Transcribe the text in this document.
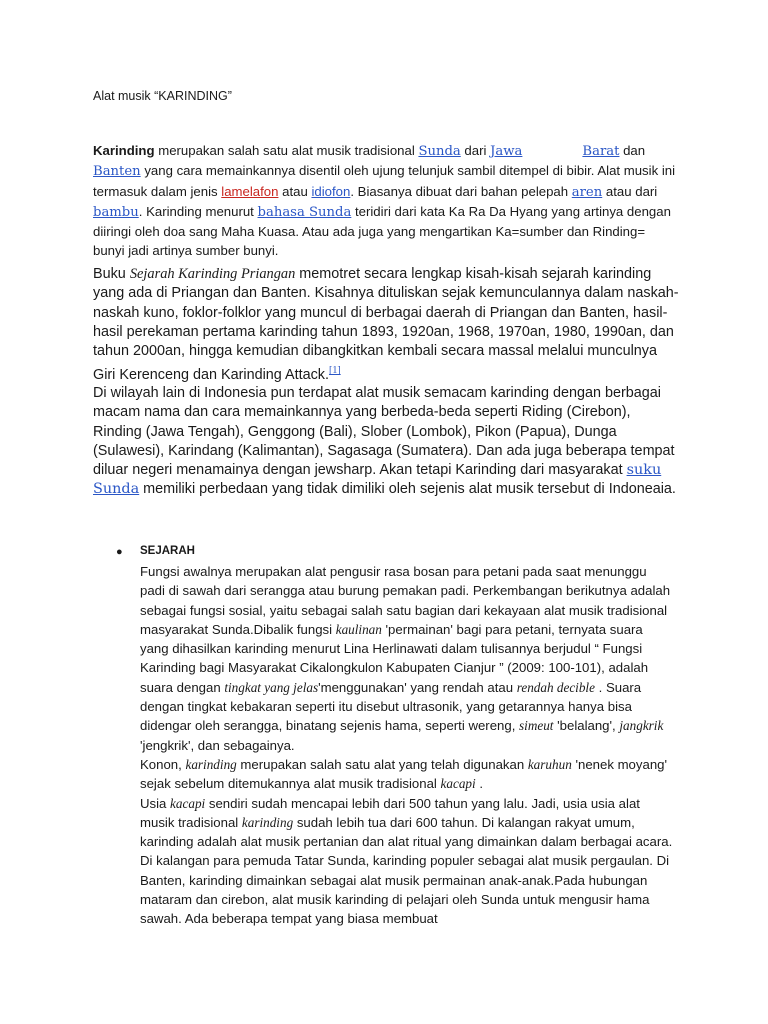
Alat musik “KARINDING”

Karinding merupakan salah satu alat musik tradisional Sunda dari Jawa	Barat dan Banten yang cara memainkannya disentil oleh ujung telunjuk sambil ditempel di bibir. Alat musik ini termasuk dalam jenis lamelafon atau idiofon. Biasanya dibuat dari bahan pelepah aren atau dari bambu. Karinding menurut bahasa Sunda teridiri dari kata Ka Ra Da Hyang yang artinya dengan diiringi oleh doa sang Maha Kuasa. Atau ada juga yang mengartikan Ka=sumber dan Rinding= bunyi jadi artinya sumber bunyi.

Buku Sejarah Karinding Priangan memotret secara lengkap kisah-kisah sejarah karinding yang ada di Priangan dan Banten. Kisahnya dituliskan sejak kemunculannya dalam naskah-naskah kuno, foklor-folklor yang muncul di berbagai daerah di Priangan dan Banten, hasil-hasil perekaman pertama karinding tahun 1893, 1920an, 1968, 1970an, 1980, 1990an, dan tahun 2000an, hingga kemudian dibangkitkan kembali secara massal melalui munculnya Giri Kerenceng dan Karinding Attack.[1]

Di wilayah lain di Indonesia pun terdapat alat musik semacam karinding dengan berbagai macam nama dan cara memainkannya yang berbeda-beda seperti Riding (Cirebon), Rinding (Jawa Tengah), Genggong (Bali), Slober (Lombok), Pikon (Papua), Dunga (Sulawesi), Karindang (Kalimantan), Sagasaga (Sumatera). Dan ada juga beberapa tempat diluar negeri menamainya dengan jewsharp. Akan tetapi Karinding dari masyarakat suku Sunda memiliki perbedaan yang tidak dimiliki oleh sejenis alat musik tersebut di Indoneaia.

● SEJARAH
Fungsi awalnya merupakan alat pengusir rasa bosan para petani pada saat menunggu padi di sawah dari serangga atau burung pemakan padi. Perkembangan berikutnya adalah sebagai fungsi sosial, yaitu sebagai salah satu bagian dari kekayaan alat musik tradisional masyarakat Sunda.Dibalik fungsi kaulinan 'permainan' bagi para petani, ternyata suara yang dihasilkan karinding menurut Lina Herlinawati dalam tulisannya berjudul “ Fungsi Karinding bagi Masyarakat Cikalongkulon Kabupaten Cianjur ” (2009: 100-101), adalah suara dengan tingkat yang jelas'menggunakan' yang rendah atau rendah decible . Suara dengan tingkat kebakaran seperti itu disebut ultrasonik, yang getarannya hanya bisa didengar oleh serangga, binatang sejenis hama, seperti wereng, simeut 'belalang', jangkrik 'jengkrik', dan sebagainya.
Konon, karinding merupakan salah satu alat yang telah digunakan karuhun 'nenek moyang' sejak sebelum ditemukannya alat musik tradisional kacapi .
Usia kacapi sendiri sudah mencapai lebih dari 500 tahun yang lalu. Jadi, usia usia alat musik tradisional karinding sudah lebih tua dari 600 tahun. Di kalangan rakyat umum, karinding adalah alat musik pertanian dan alat ritual yang dimainkan dalam berbagai acara. Di kalangan para pemuda Tatar Sunda, karinding populer sebagai alat musik pergaulan. Di Banten, karinding dimainkan sebagai alat musik permainan anak-anak.Pada hubungan mataram dan cirebon, alat musik karinding di pelajari oleh Sunda untuk mengusir hama sawah. Ada beberapa tempat yang biasa membuat
